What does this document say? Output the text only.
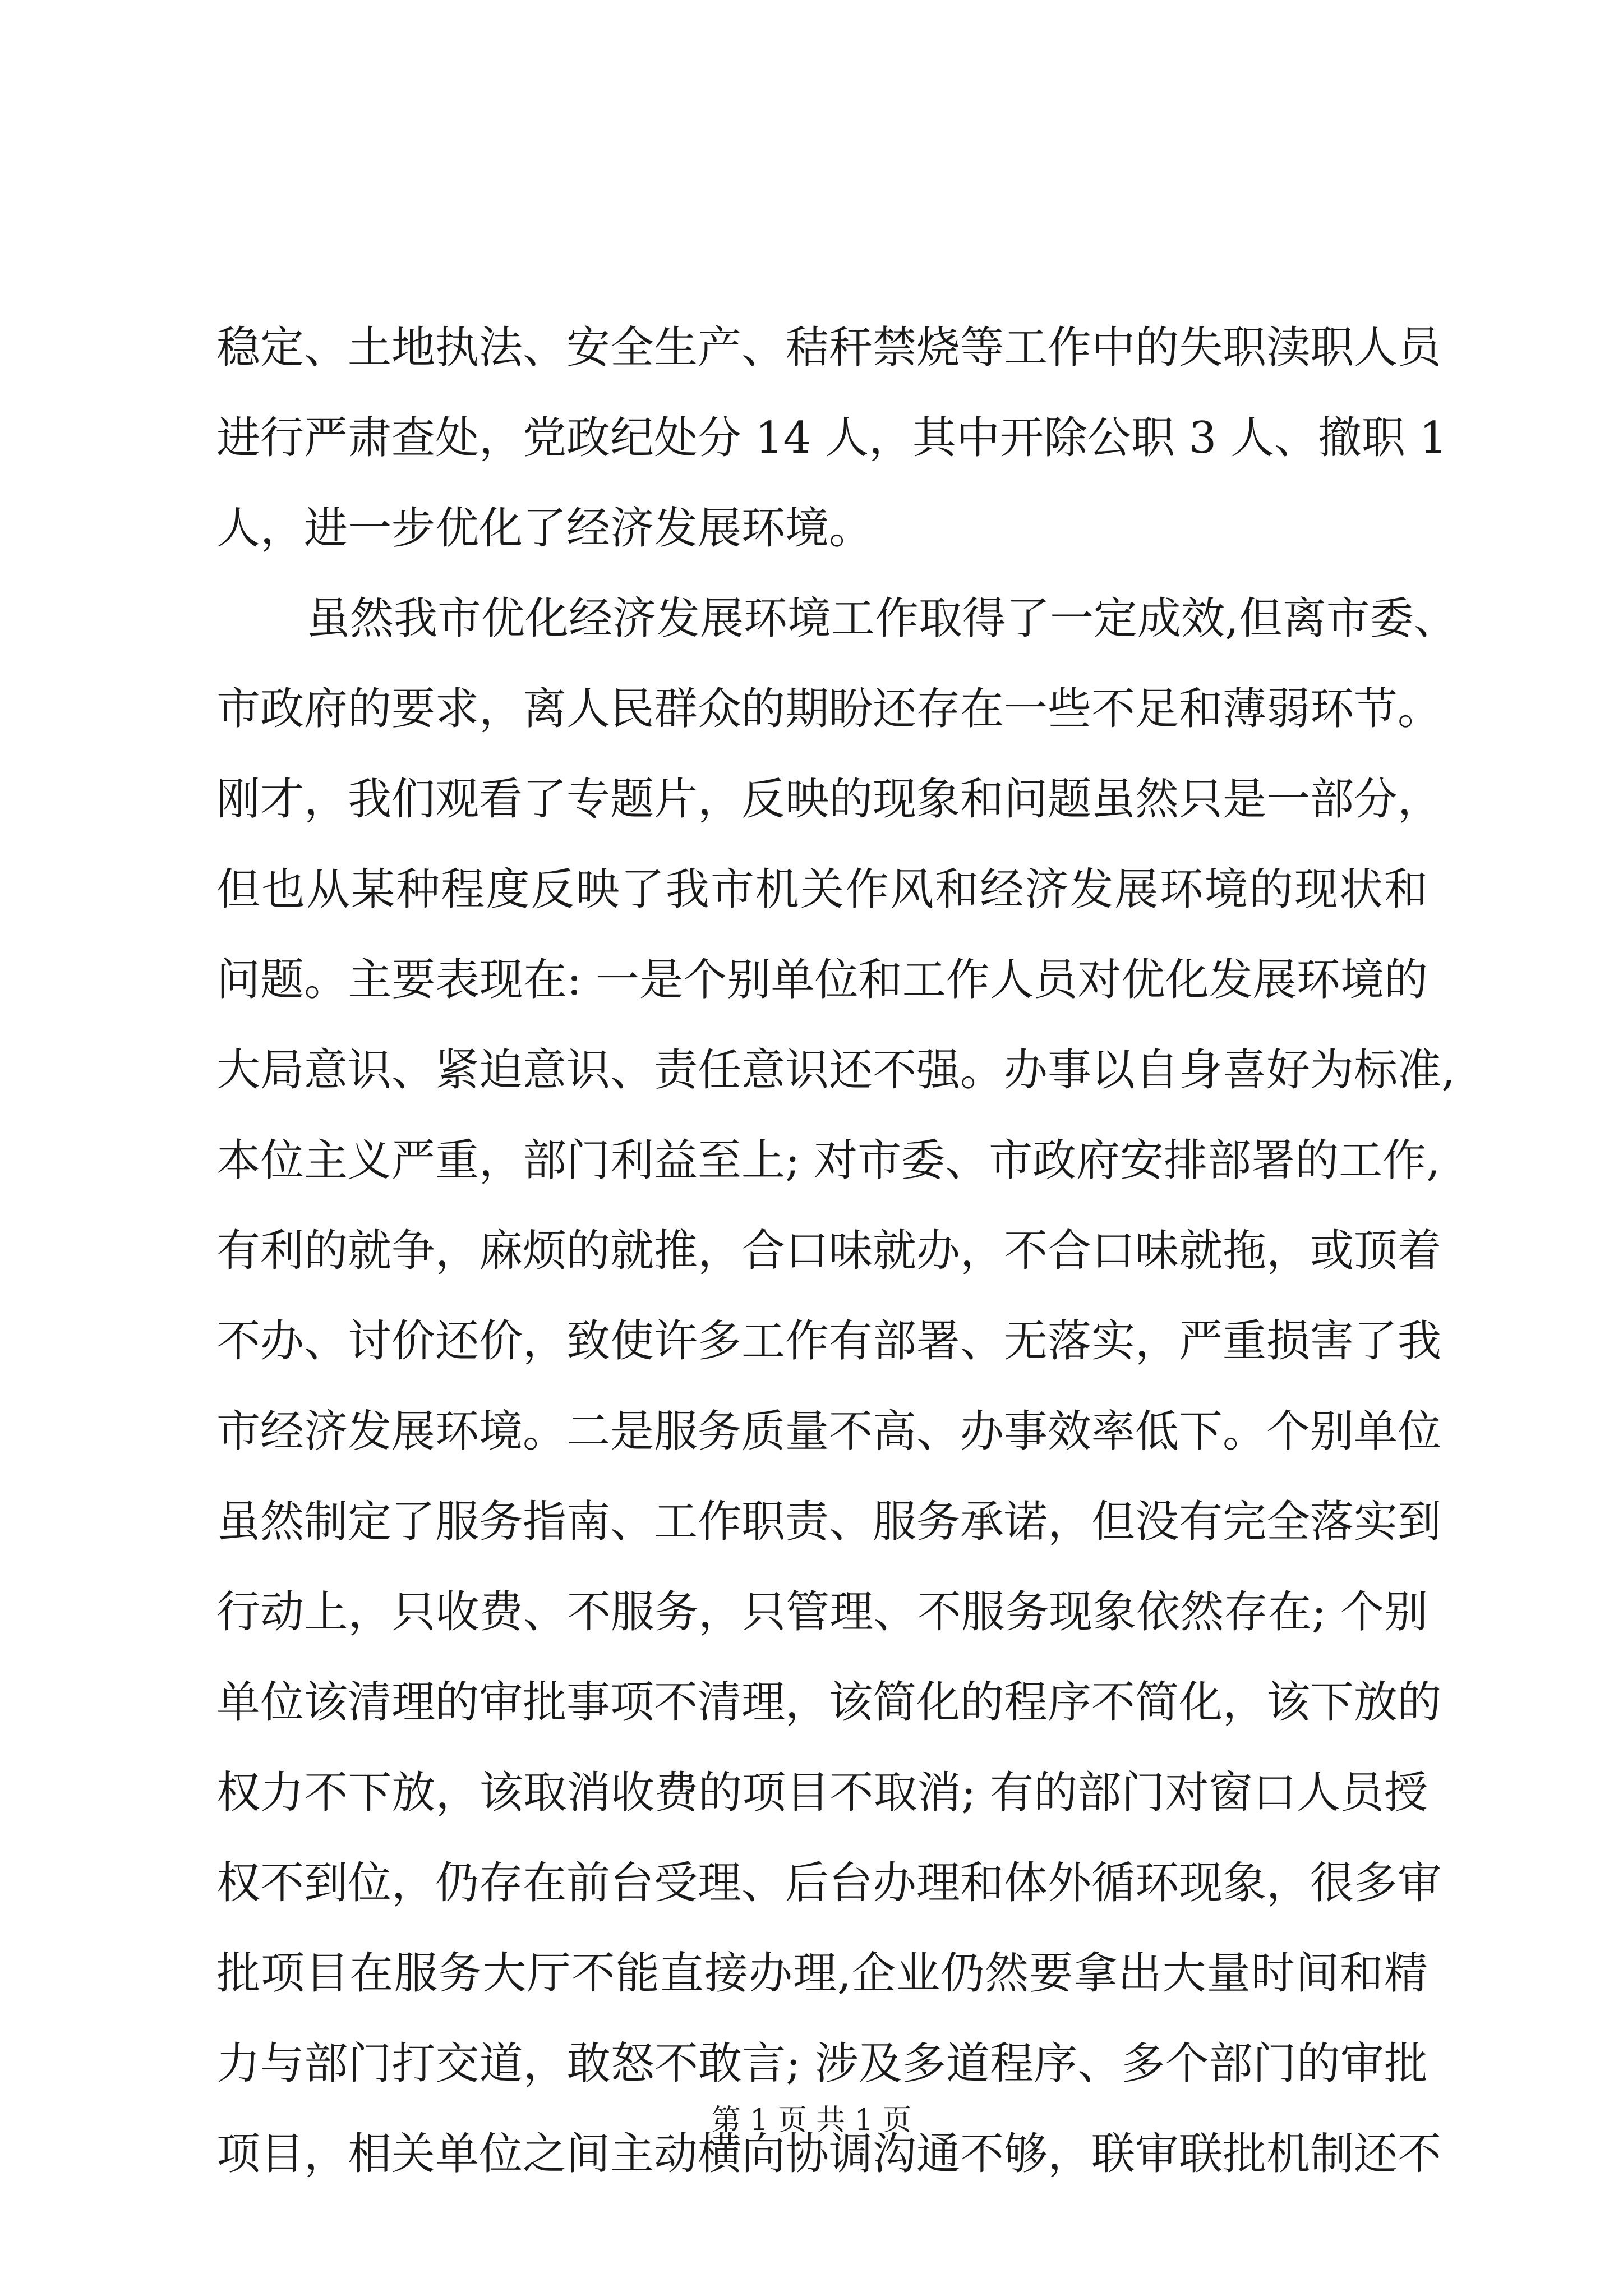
稳定、土地执法、安全生产、秸秆禁烧等工作中的失职渎职人员
进行严肃查处，党政纪处分 14 人，其中开除公职 3 人、撤职 1
人，进一步优化了经济发展环境。
虽然我市优化经济发展环境工作取得了一定成效,但离市委、
市政府的要求，离人民群众的期盼还存在一些不足和薄弱环节。
刚才，我们观看了专题片，反映的现象和问题虽然只是一部分，
但也从某种程度反映了我市机关作风和经济发展环境的现状和
问题。主要表现在: 一是个别单位和工作人员对优化发展环境的
大局意识、紧迫意识、责任意识还不强。办事以自身喜好为标准,
本位主义严重，部门利益至上; 对市委、市政府安排部署的工作,
有利的就争，麻烦的就推，合口味就办，不合口味就拖，或顶着
不办、讨价还价，致使许多工作有部署、无落实，严重损害了我
市经济发展环境。二是服务质量不高、办事效率低下。个别单位
虽然制定了服务指南、工作职责、服务承诺，但没有完全落实到
行动上，只收费、不服务，只管理、不服务现象依然存在; 个别
单位该清理的审批事项不清理，该简化的程序不简化，该下放的
权力不下放，该取消收费的项目不取消; 有的部门对窗口人员授
权不到位，仍存在前台受理、后台办理和体外循环现象，很多审
批项目在服务大厅不能直接办理,企业仍然要拿出大量时间和精
力与部门打交道，敢怒不敢言; 涉及多道程序、多个部门的审批
项目，相关单位之间主动横向协调沟通不够，联审联批机制还不
第 1 页 共 1 页
